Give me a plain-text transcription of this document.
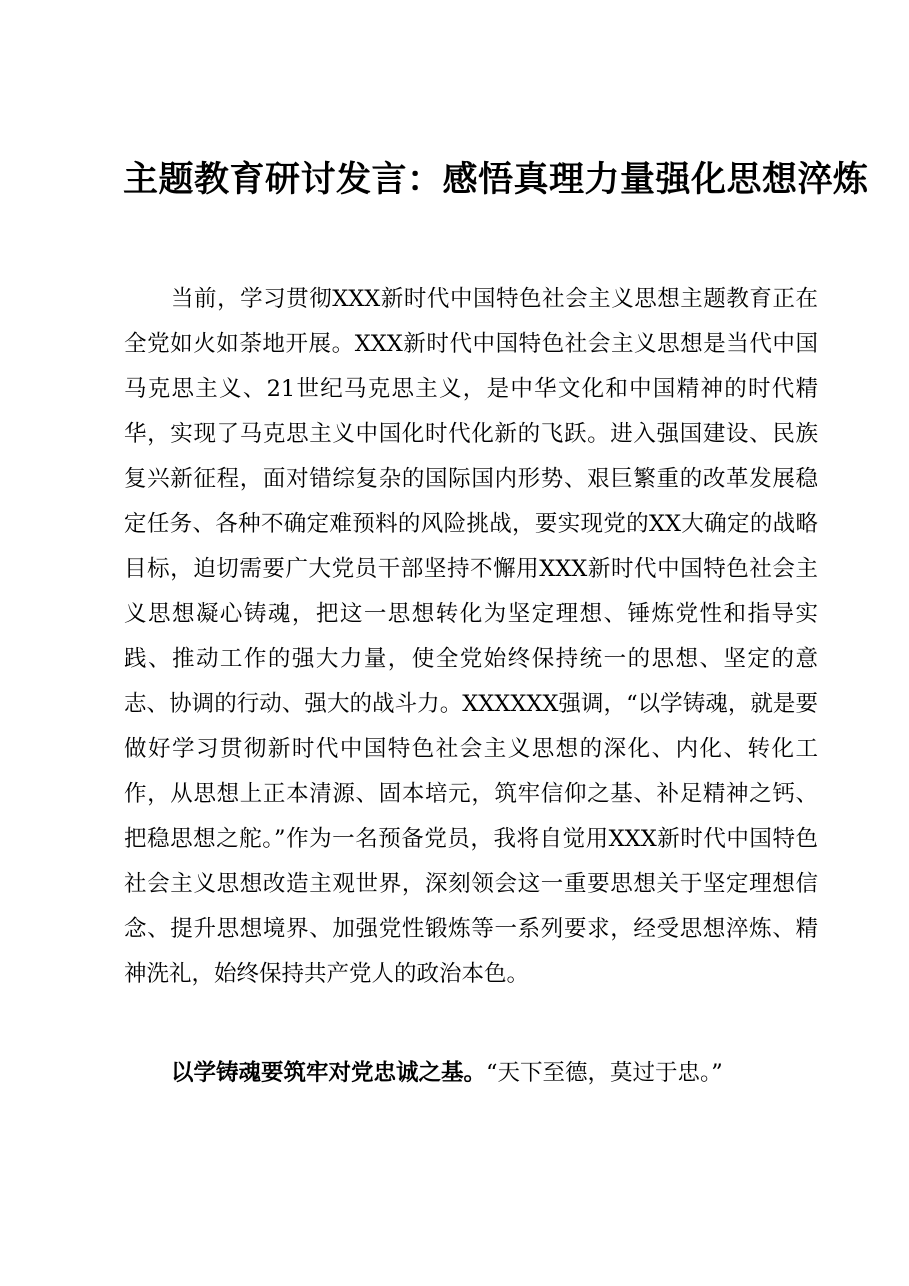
主题教育研讨发言：感悟真理力量强化思想淬炼

当前，学习贯彻XXX新时代中国特色社会主义思想主题教育正在全党如火如荼地开展。XXX新时代中国特色社会主义思想是当代中国马克思主义、21世纪马克思主义，是中华文化和中国精神的时代精华，实现了马克思主义中国化时代化新的飞跃。进入强国建设、民族复兴新征程，面对错综复杂的国际国内形势、艰巨繁重的改革发展稳定任务、各种不确定难预料的风险挑战，要实现党的XX大确定的战略目标，迫切需要广大党员干部坚持不懈用XXX新时代中国特色社会主义思想凝心铸魂，把这一思想转化为坚定理想、锤炼党性和指导实践、推动工作的强大力量，使全党始终保持统一的思想、坚定的意志、协调的行动、强大的战斗力。XXXXXX强调，“以学铸魂，就是要做好学习贯彻新时代中国特色社会主义思想的深化、内化、转化工作，从思想上正本清源、固本培元，筑牢信仰之基、补足精神之钙、把稳思想之舵。”作为一名预备党员，我将自觉用XXX新时代中国特色社会主义思想改造主观世界，深刻领会这一重要思想关于坚定理想信念、提升思想境界、加强党性锻炼等一系列要求，经受思想淬炼、精神洗礼，始终保持共产党人的政治本色。

以学铸魂要筑牢对党忠诚之基。“天下至德，莫过于忠。”
